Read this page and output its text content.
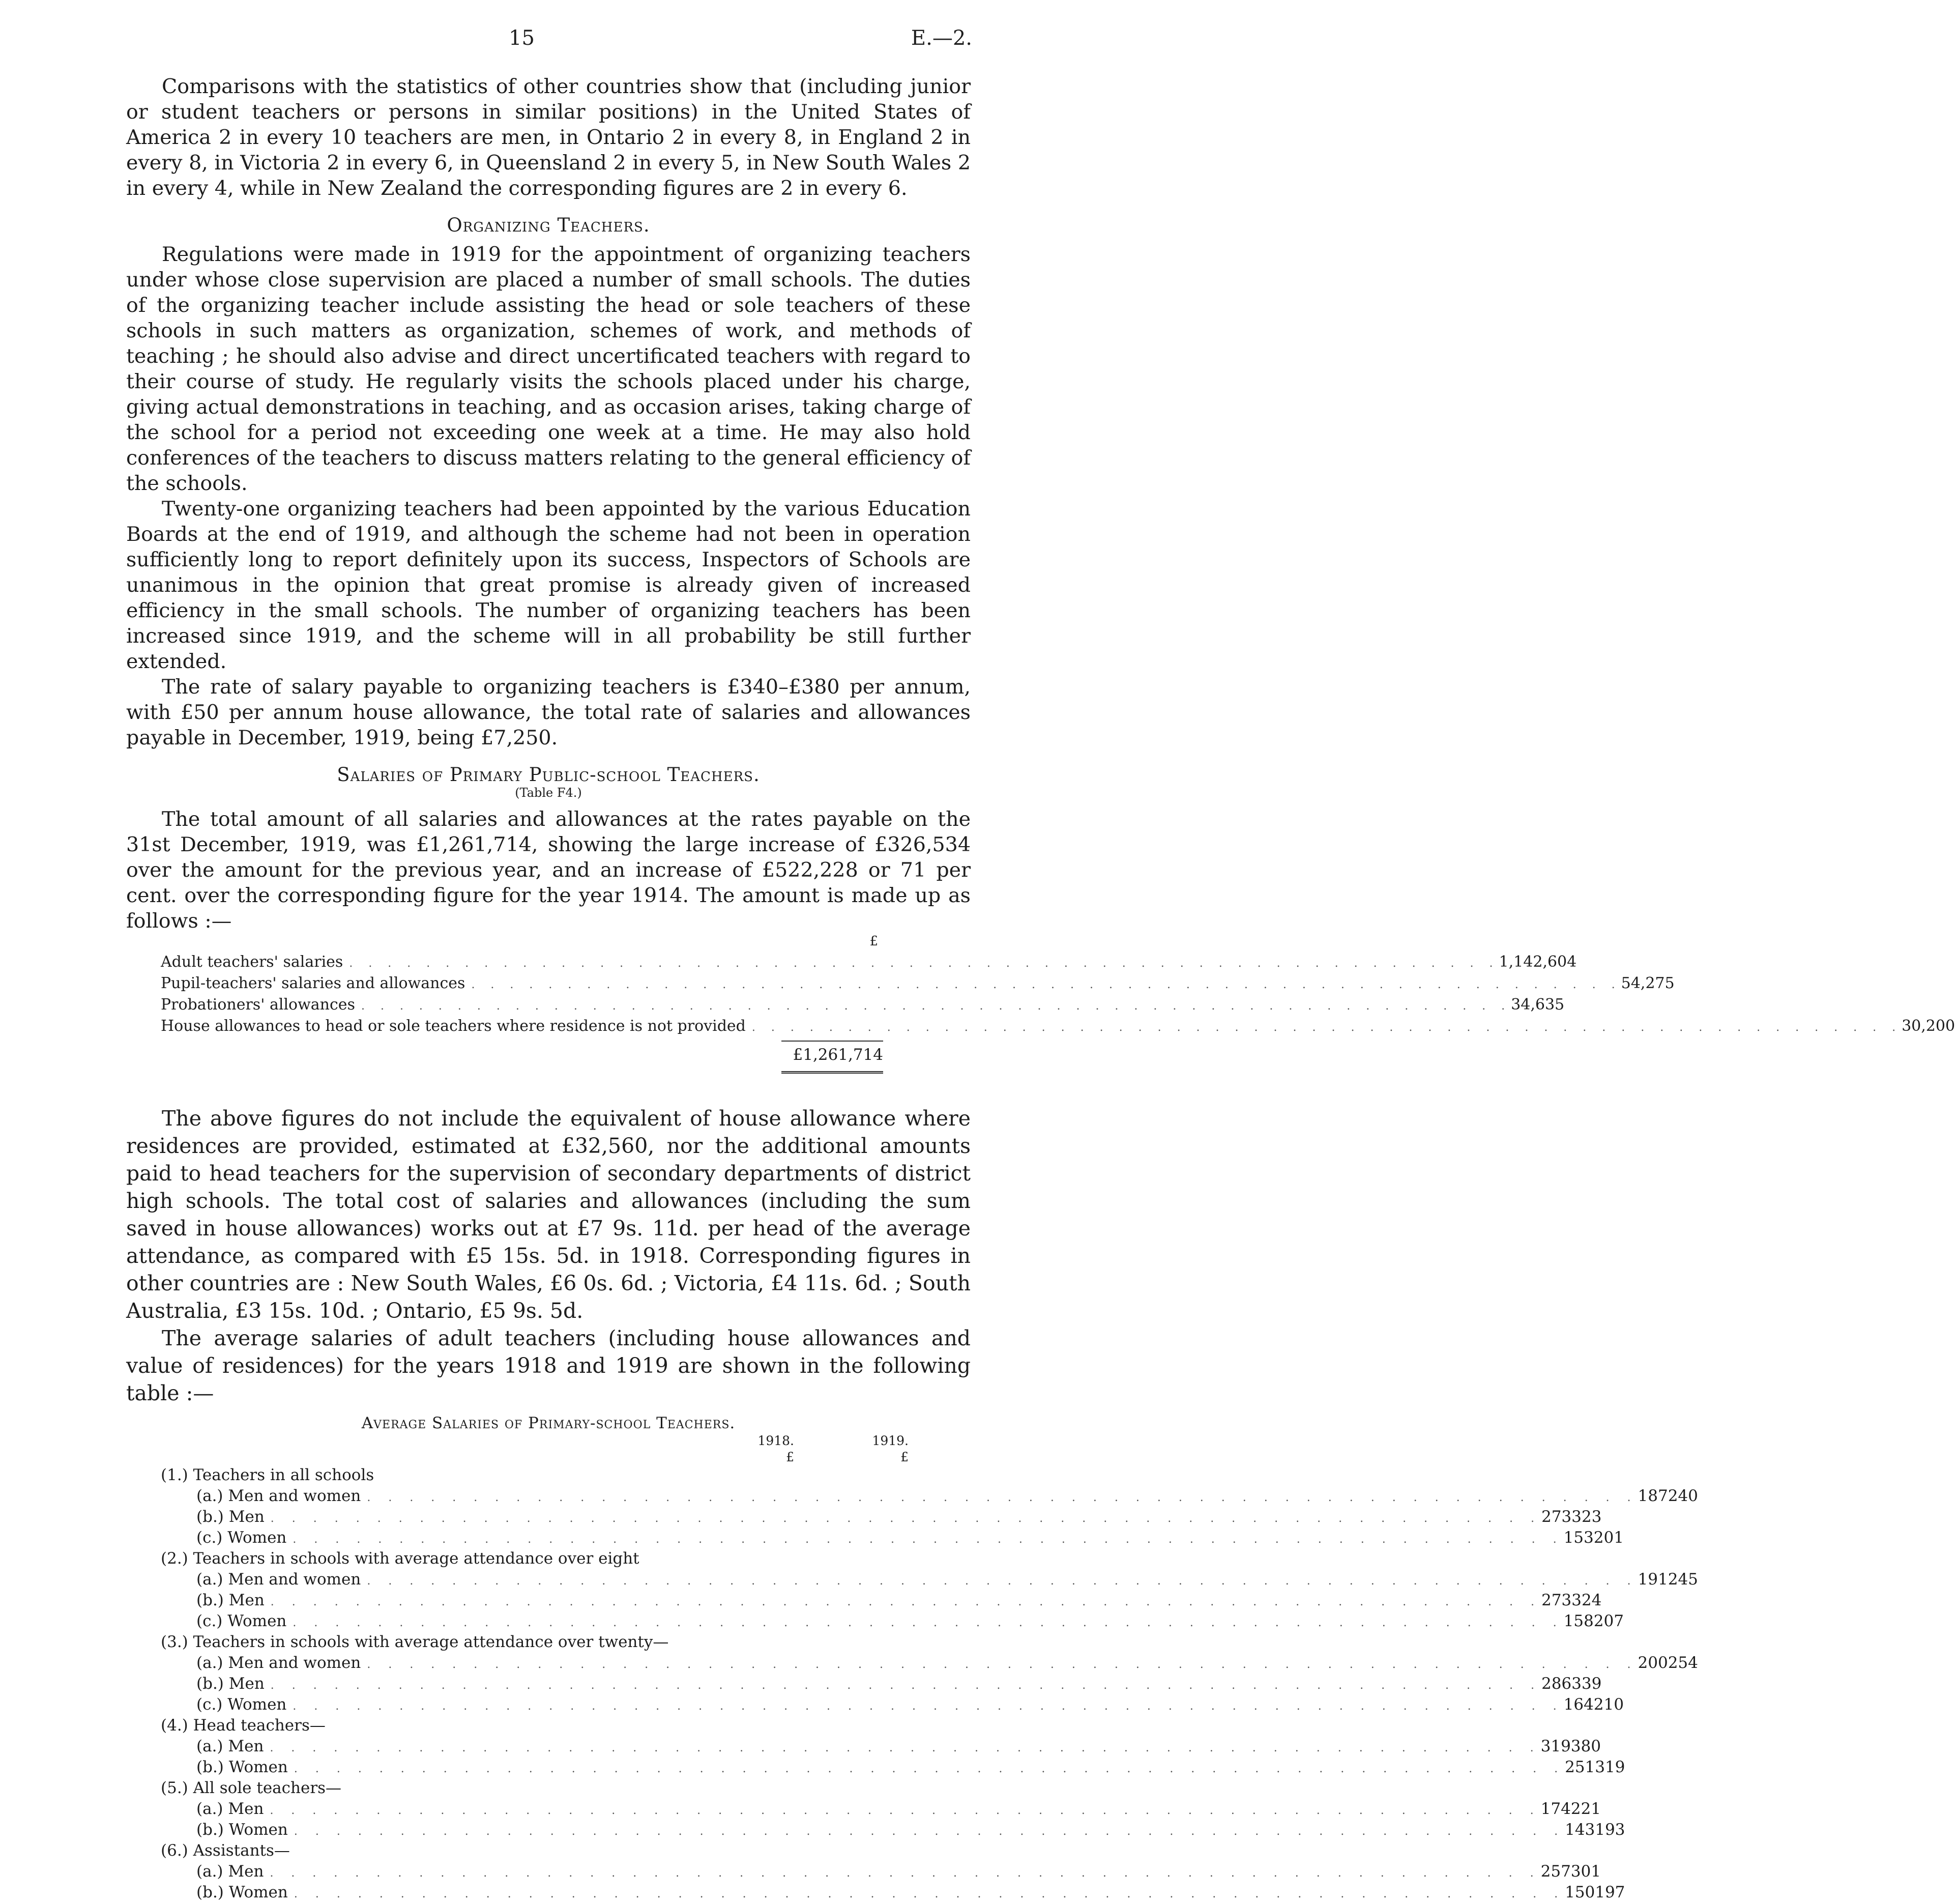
15	E.—2.

Comparisons with the statistics of other countries show that (including junior or student teachers or persons in similar positions) in the United States of America 2 in every 10 teachers are men, in Ontario 2 in every 8, in England 2 in every 8, in Victoria 2 in every 6, in Queensland 2 in every 5, in New South Wales 2 in every 4, while in New Zealand the corresponding figures are 2 in every 6.

Organizing Teachers.

Regulations were made in 1919 for the appointment of organizing teachers under whose close supervision are placed a number of small schools. The duties of the organizing teacher include assisting the head or sole teachers of these schools in such matters as organization, schemes of work, and methods of teaching ; he should also advise and direct uncertificated teachers with regard to their course of study. He regularly visits the schools placed under his charge, giving actual demonstrations in teaching, and as occasion arises, taking charge of the school for a period not exceeding one week at a time. He may also hold conferences of the teachers to discuss matters relating to the general efficiency of the schools.

Twenty-one organizing teachers had been appointed by the various Education Boards at the end of 1919, and although the scheme had not been in operation sufficiently long to report definitely upon its success, Inspectors of Schools are unanimous in the opinion that great promise is already given of increased efficiency in the small schools. The number of organizing teachers has been increased since 1919, and the scheme will in all probability be still further extended.

The rate of salary payable to organizing teachers is £340–£380 per annum, with £50 per annum house allowance, the total rate of salaries and allowances payable in December, 1919, being £7,250.

Salaries of Primary Public-school Teachers.

(Table F4.)

The total amount of all salaries and allowances at the rates payable on the 31st December, 1919, was £1,261,714, showing the large increase of £326,534 over the amount for the previous year, and an increase of £522,228 or 71 per cent. over the corresponding figure for the year 1914. The amount is made up as follows :—

£
Adult teachers' salaries . . . . . . . . . . . . . . . . . . . . . . . . . . . . . . . . . . . . . . . . . . . . . . . . . . . . . . . . . . . . 1,142,604
Pupil-teachers' salaries and allowances . . . . . . . . . . . . . . . . . . . . . . . . . . . . . . . . . . . . . . . . . . . . . . . . . . . . . . . . . . . . 54,275
Probationers' allowances . . . . . . . . . . . . . . . . . . . . . . . . . . . . . . . . . . . . . . . . . . . . . . . . . . . . . . . . . . . . 34,635
House allowances to head or sole teachers where residence is not provided . . . . . . . . . . . . . . . . . . . . . . . . . . . . . . . . . . . . . . . . . . . . . . . . . . . . . . . . . . . . 30,200
£1,261,714

The above figures do not include the equivalent of house allowance where residences are provided, estimated at £32,560, nor the additional amounts paid to head teachers for the supervision of secondary departments of district high schools. The total cost of salaries and allowances (including the sum saved in house allowances) works out at £7 9s. 11d. per head of the average attendance, as compared with £5 15s. 5d. in 1918. Corresponding figures in other countries are : New South Wales, £6 0s. 6d. ; Victoria, £4 11s. 6d. ; South Australia, £3 15s. 10d. ; Ontario, £5 9s. 5d.

The average salaries of adult teachers (including house allowances and value of residences) for the years 1918 and 1919 are shown in the following table :—

Average Salaries of Primary-school Teachers.

1918.	1919.
£	£
(1.) Teachers in all schools
(a.) Men and women . . . . . . . . . . . . . . . . . . . . . . . . . . . . . . . . . . . . . . . . . . . . . . . . . . . . . . . . . . . . 187 240
(b.) Men . . . . . . . . . . . . . . . . . . . . . . . . . . . . . . . . . . . . . . . . . . . . . . . . . . . . . . . . . . . . 273 323
(c.) Women . . . . . . . . . . . . . . . . . . . . . . . . . . . . . . . . . . . . . . . . . . . . . . . . . . . . . . . . . . . . 153 201
(2.) Teachers in schools with average attendance over eight
(a.) Men and women . . . . . . . . . . . . . . . . . . . . . . . . . . . . . . . . . . . . . . . . . . . . . . . . . . . . . . . . . . . . 191 245
(b.) Men . . . . . . . . . . . . . . . . . . . . . . . . . . . . . . . . . . . . . . . . . . . . . . . . . . . . . . . . . . . . 273 324
(c.) Women . . . . . . . . . . . . . . . . . . . . . . . . . . . . . . . . . . . . . . . . . . . . . . . . . . . . . . . . . . . . 158 207
(3.) Teachers in schools with average attendance over twenty—
(a.) Men and women . . . . . . . . . . . . . . . . . . . . . . . . . . . . . . . . . . . . . . . . . . . . . . . . . . . . . . . . . . . . 200 254
(b.) Men . . . . . . . . . . . . . . . . . . . . . . . . . . . . . . . . . . . . . . . . . . . . . . . . . . . . . . . . . . . . 286 339
(c.) Women . . . . . . . . . . . . . . . . . . . . . . . . . . . . . . . . . . . . . . . . . . . . . . . . . . . . . . . . . . . . 164 210
(4.) Head teachers—
(a.) Men . . . . . . . . . . . . . . . . . . . . . . . . . . . . . . . . . . . . . . . . . . . . . . . . . . . . . . . . . . . . 319 380
(b.) Women . . . . . . . . . . . . . . . . . . . . . . . . . . . . . . . . . . . . . . . . . . . . . . . . . . . . . . . . . . . . 251 319
(5.) All sole teachers—
(a.) Men . . . . . . . . . . . . . . . . . . . . . . . . . . . . . . . . . . . . . . . . . . . . . . . . . . . . . . . . . . . . 174 221
(b.) Women . . . . . . . . . . . . . . . . . . . . . . . . . . . . . . . . . . . . . . . . . . . . . . . . . . . . . . . . . . . . 143 193
(6.) Assistants—
(a.) Men . . . . . . . . . . . . . . . . . . . . . . . . . . . . . . . . . . . . . . . . . . . . . . . . . . . . . . . . . . . . 257 301
(b.) Women . . . . . . . . . . . . . . . . . . . . . . . . . . . . . . . . . . . . . . . . . . . . . . . . . . . . . . . . . . . . 150 197
